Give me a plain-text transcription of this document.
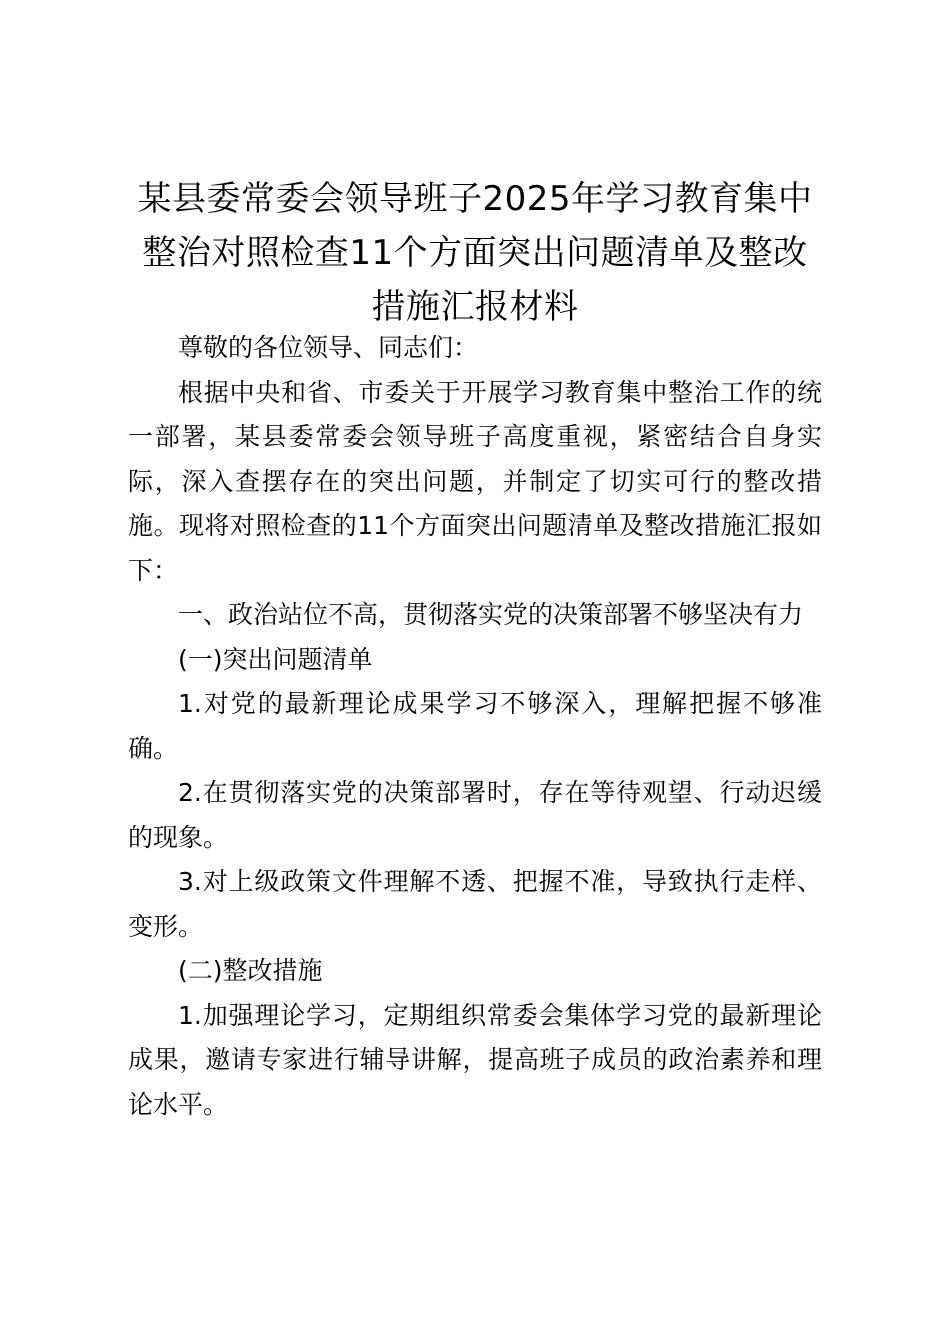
某县委常委会领导班子2025年学习教育集中整治对照检查11个方面突出问题清单及整改措施汇报材料

尊敬的各位领导、同志们：

根据中央和省、市委关于开展学习教育集中整治工作的统一部署，某县委常委会领导班子高度重视，紧密结合自身实际，深入查摆存在的突出问题，并制定了切实可行的整改措施。现将对照检查的11个方面突出问题清单及整改措施汇报如下：

一、政治站位不高，贯彻落实党的决策部署不够坚决有力

(一)突出问题清单

1.对党的最新理论成果学习不够深入，理解把握不够准确。

2.在贯彻落实党的决策部署时，存在等待观望、行动迟缓的现象。

3.对上级政策文件理解不透、把握不准，导致执行走样、变形。

(二)整改措施

1.加强理论学习，定期组织常委会集体学习党的最新理论成果，邀请专家进行辅导讲解，提高班子成员的政治素养和理论水平。
